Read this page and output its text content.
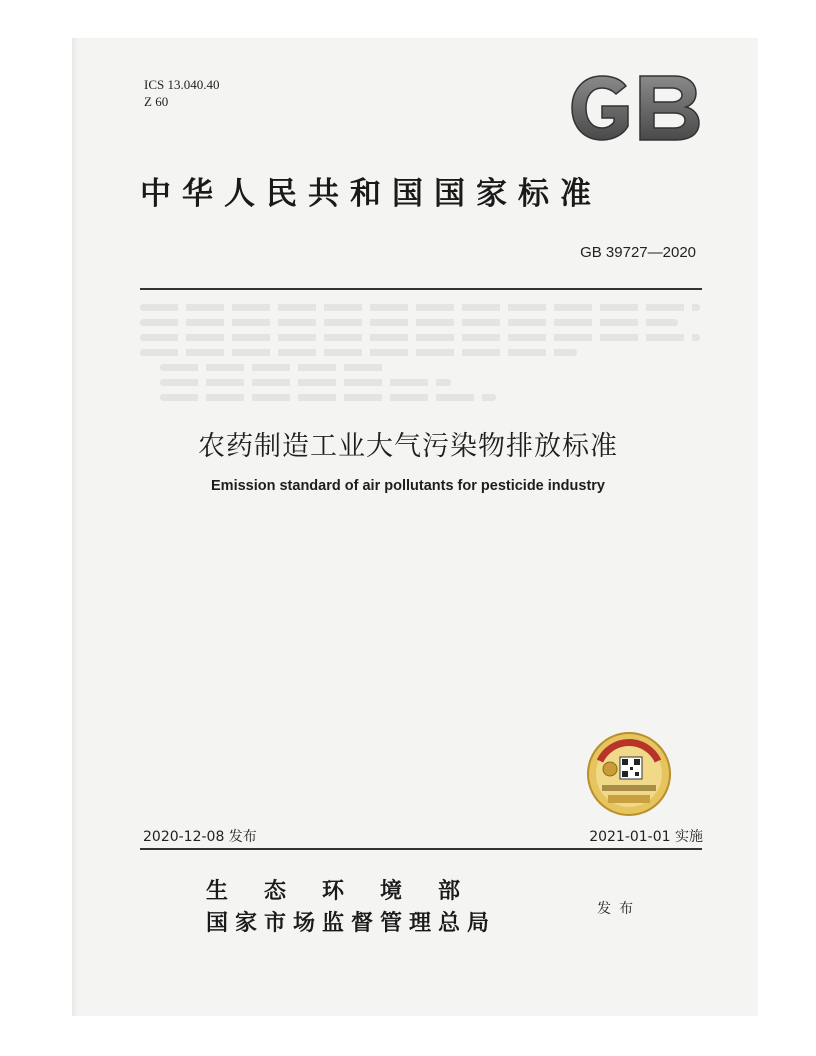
ICS 13.040.40
Z 60
中华人民共和国国家标准

GB 39727—2020
农药制造工业大气污染物排放标准
Emission standard of air pollutants for pesticide industry
2020-12-08 发布	2021-01-01 实施
生态环境部
国家市场监督管理总局
发布
